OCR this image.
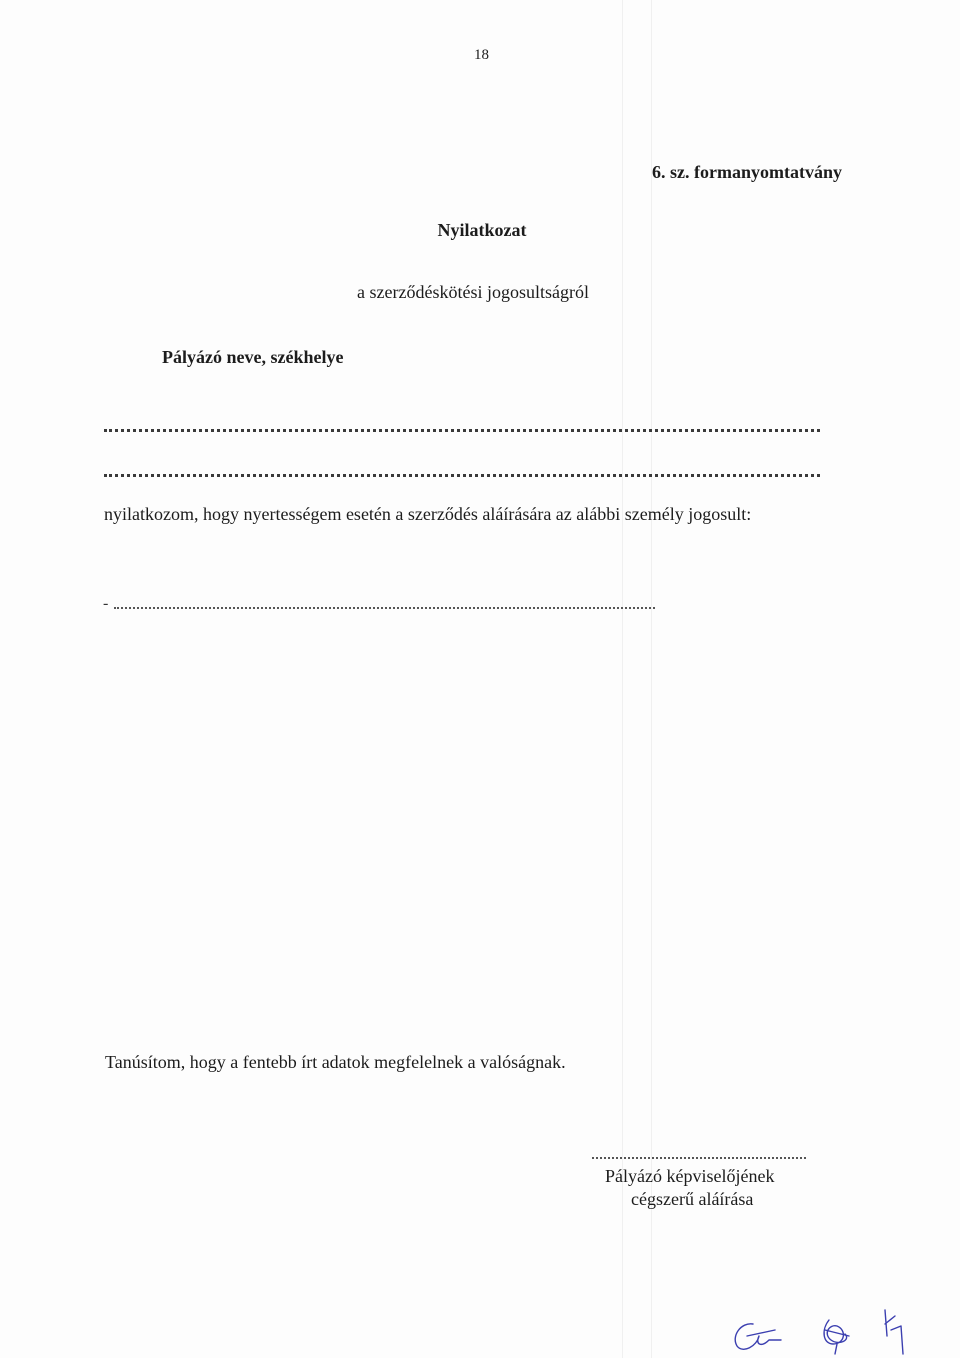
18
6. sz. formanyomtatvány
Nyilatkozat
a szerződéskötési jogosultságról
Pályázó neve, székhelye
nyilatkozom, hogy nyertességem esetén a szerződés aláírására az alábbi személy jogosult:
-
Tanúsítom, hogy a fentebb írt adatok megfelelnek a valóságnak.
Pályázó képviselőjének
cégszerű aláírása
